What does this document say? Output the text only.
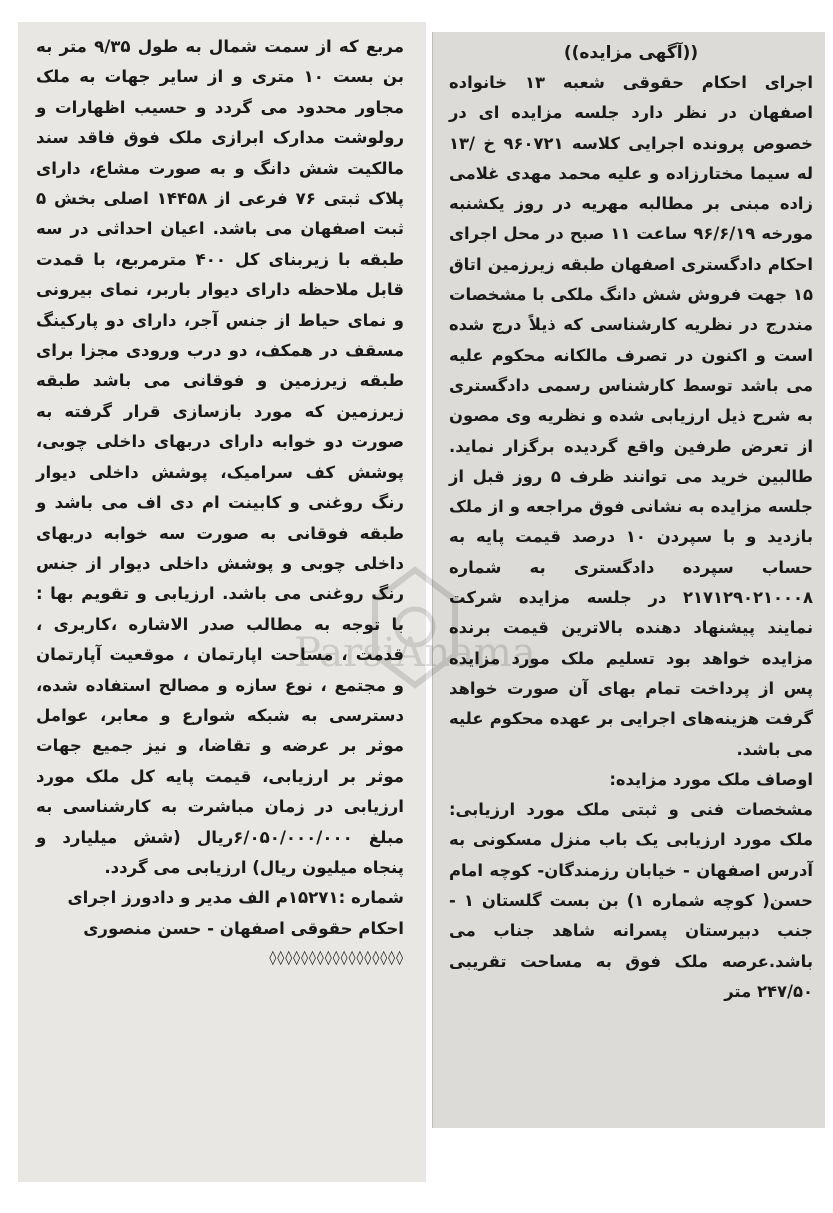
مربع که از سمت شمال به طول ۹/۳۵ متر به بن بست ۱۰ متری و از سایر جهات به ملک مجاور محدود می گردد و حسیب اظهارات و رولوشت مدارک ابرازی ملک فوق فاقد سند مالکیت شش دانگ و به صورت مشاع، دارای پلاک ثبتی ۷۶ فرعی از ۱۴۴۵۸ اصلی بخش ۵ ثبت اصفهان می باشد. اعیان احداثی در سه طبقه با زیربنای کل ۴۰۰ مترمربع، با قمدت قابل ملاحظه دارای دیوار باربر، نمای بیرونی و نمای حیاط از جنس آجر، دارای دو پارکینگ مسقف در همکف، دو درب ورودی مجزا برای طبقه زیرزمین و فوقانی می باشد طبقه زیرزمین که مورد بازسازی قرار گرفته به صورت دو خوابه دارای دربهای داخلی چوبی، پوشش کف سرامیک، پوشش داخلی دیوار رنگ روغنی و کابینت ام دی اف می باشد و طبقه فوقانی به صورت سه خوابه دربهای داخلی چوبی و پوشش داخلی دیوار از جنس رنگ روغنی می باشد. ارزیابی و تقویم بها : با توجه به مطالب صدر الاشاره ،کاربری ، قدمت ، مساحت اپارتمان ، موقعیت آپارتمان و مجتمع ، نوع سازه و مصالح استفاده شده، دسترسی به شبکه شوارع و معابر، عوامل موثر بر عرضه و تقاضا، و نیز جمیع جهات موثر بر ارزیابی، قیمت پایه کل ملک مورد ارزیابی در زمان مباشرت به کارشناسی به مبلغ ۶/۰۵۰/۰۰۰/۰۰۰ریال (شش میلیارد و پنجاه میلیون ریال) ارزیابی می گردد.

شماره :۱۵۲۷۱م الف مدیر و دادورز اجرای

احکام حقوقی اصفهان - حسن منصوری

◊◊◊◊◊◊◊◊◊◊◊◊◊◊◊◊◊

((آگهی مزایده))

اجرای احکام حقوقی شعبه ۱۳ خانواده اصفهان در نظر دارد جلسه مزایده ای در خصوص پرونده اجرایی کلاسه ۹۶۰۷۲۱ خ /۱۳ له سیما مختارزاده و علیه محمد مهدی غلامی زاده مبنی بر مطالبه مهریه در روز یکشنبه مورخه ۹۶/۶/۱۹ ساعت ۱۱ صبح در محل اجرای احکام دادگستری اصفهان طبقه زیرزمین اتاق ۱۵ جهت فروش شش دانگ ملکی با مشخصات مندرج در نظریه کارشناسی که ذیلاً درج شده است و اکنون در تصرف مالکانه محکوم علیه می باشد توسط کارشناس رسمی دادگستری به شرح ذیل ارزیابی شده و نظریه وی مصون از تعرض طرفین واقع گردیده برگزار نماید. طالبین خرید می توانند ظرف ۵ روز قبل از جلسه مزایده به نشانی فوق مراجعه و از ملک بازدید و با سپردن ۱۰ درصد قیمت پایه به حساب سپرده دادگستری به شماره ۲۱۷۱۲۹۰۲۱۰۰۰۸ در جلسه مزایده شرکت نمایند پیشنهاد دهنده بالاترین قیمت برنده مزایده خواهد بود تسلیم ملک مورد مزایده پس از پرداخت تمام بهای آن صورت خواهد گرفت هزینه‌های اجرایی بر عهده محکوم علیه می باشد.

اوصاف ملک مورد مزایده:

مشخصات فنی و ثبتی ملک مورد ارزیابی: ملک مورد ارزیابی یک باب منزل مسکونی به آدرس اصفهان - خیابان رزمندگان- کوچه امام حسن( کوچه شماره ۱) بن بست گلستان ۱ - جنب دبیرستان پسرانه شاهد جناب می باشد.عرصه ملک فوق به مساحت تقریبی ۲۴۷/۵۰ متر
